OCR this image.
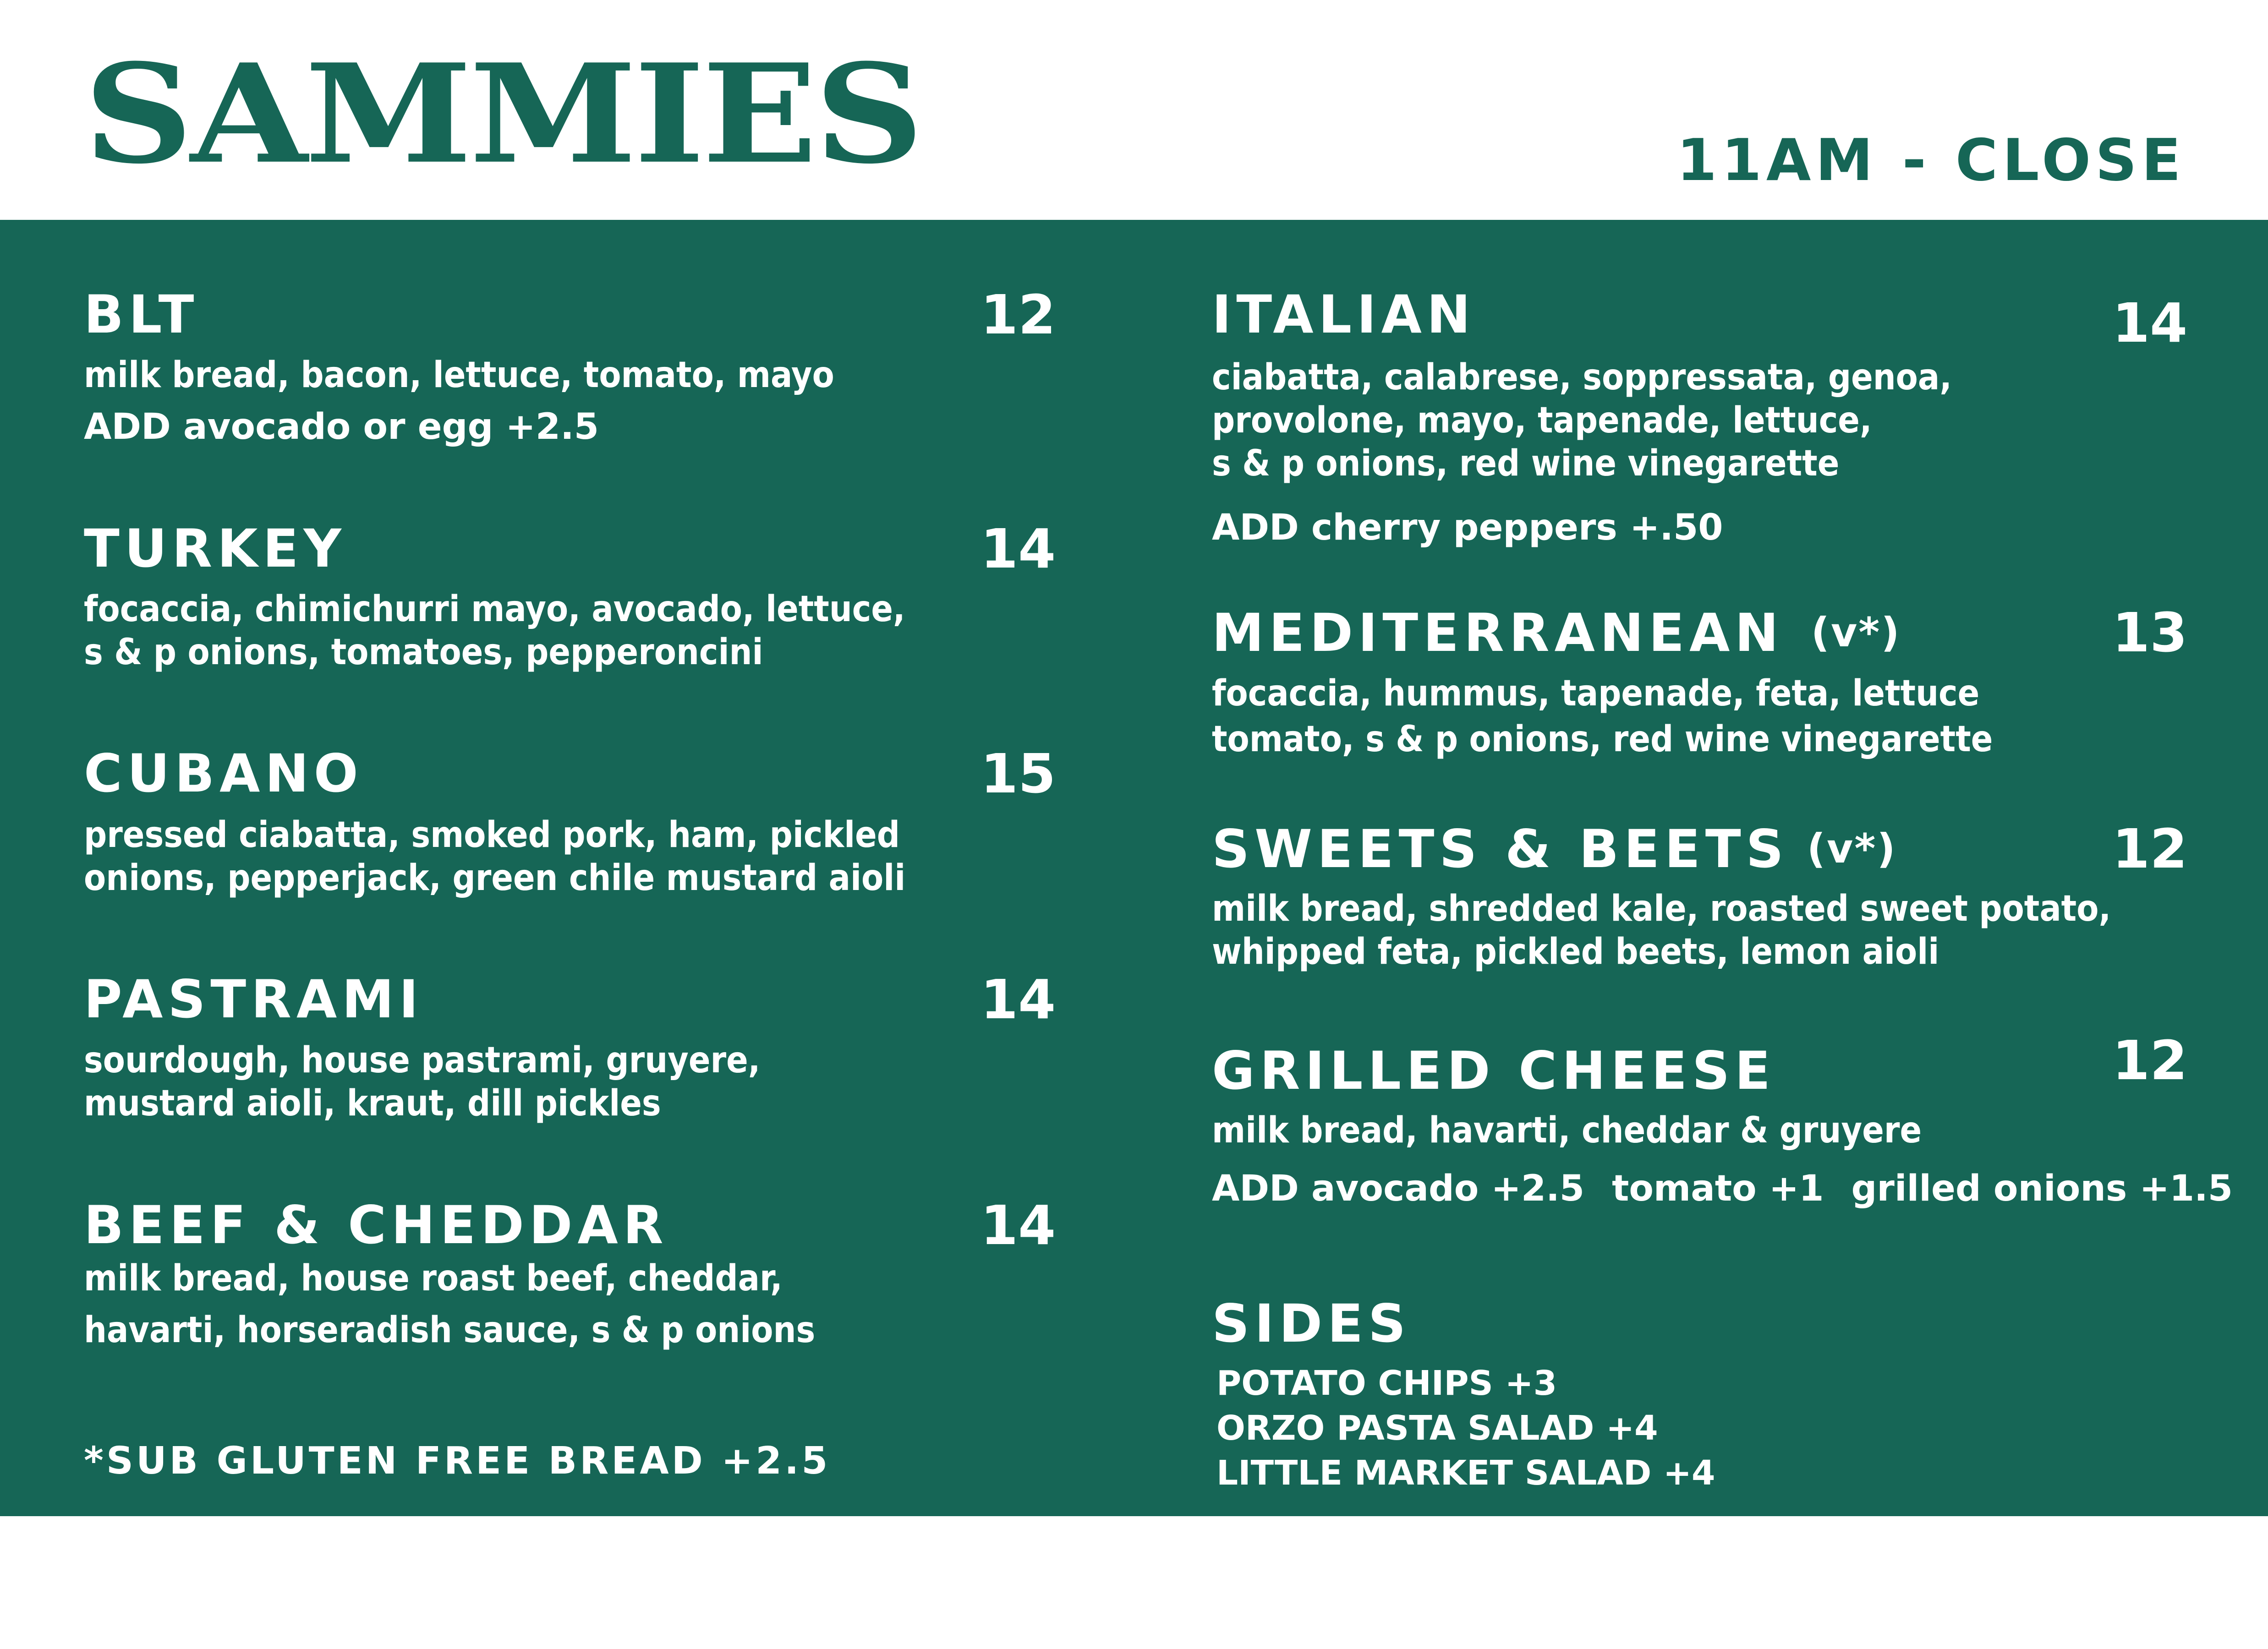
SAMMIES	11AM - CLOSE
BLT	12
milk bread, bacon, lettuce, tomato, mayo
ADD avocado or egg +2.5
TURKEY	14
focaccia, chimichurri mayo, avocado, lettuce,
s & p onions, tomatoes, pepperoncini
CUBANO	15
pressed ciabatta, smoked pork, ham, pickled
onions, pepperjack, green chile mustard aioli
PASTRAMI	14
sourdough, house pastrami, gruyere,
mustard aioli, kraut, dill pickles
BEEF & CHEDDAR	14
milk bread, house roast beef, cheddar,
havarti, horseradish sauce, s & p onions
*SUB GLUTEN FREE BREAD +2.5
ITALIAN	14
ciabatta, calabrese, soppressata, genoa,
provolone, mayo, tapenade, lettuce,
s & p onions, red wine vinegarette
ADD cherry peppers +.50
MEDITERRANEAN (v*)	13
focaccia, hummus, tapenade, feta, lettuce
tomato, s & p onions, red wine vinegarette
SWEETS & BEETS (v*)	12
milk bread, shredded kale, roasted sweet potato,
whipped feta, pickled beets, lemon aioli
GRILLED CHEESE	12
milk bread, havarti, cheddar & gruyere
ADD avocado +2.5 tomato +1 grilled onions +1.5
SIDES
POTATO CHIPS +3
ORZO PASTA SALAD +4
LITTLE MARKET SALAD +4
